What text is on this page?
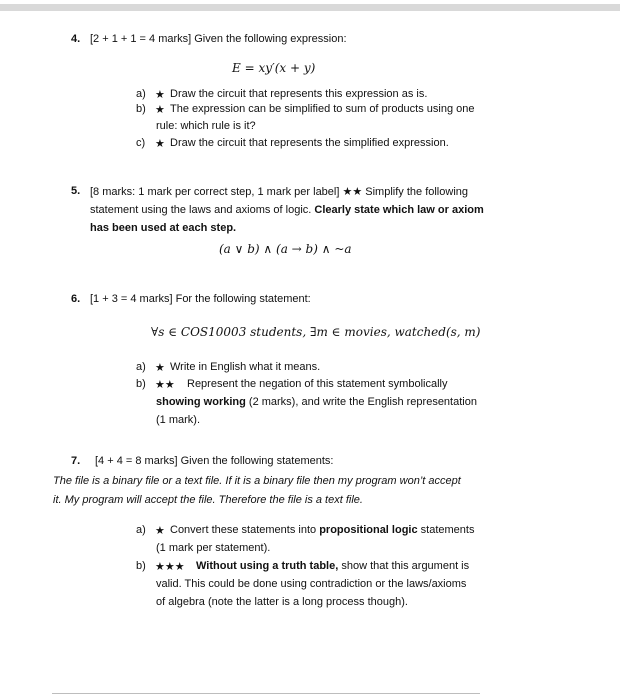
4. [2 + 1 + 1 = 4 marks] Given the following expression:
E = xy′(x + y)
a) ★ Draw the circuit that represents this expression as is.
b) ★ The expression can be simplified to sum of products using one
rule: which rule is it?
c) ★ Draw the circuit that represents the simplified expression.
5. [8 marks: 1 mark per correct step, 1 mark per label] ★★ Simplify the following
statement using the laws and axioms of logic. Clearly state which law or axiom
has been used at each step.
(a ∨ b) ∧ (a → b) ∧ ~a
6. [1 + 3 = 4 marks] For the following statement:
∀s ∈ COS10003 students, ∃m ∈ movies, watched(s, m)
a) ★ Write in English what it means.
b) ★★ Represent the negation of this statement symbolically
showing working (2 marks), and write the English representation
(1 mark).
7. [4 + 4 = 8 marks] Given the following statements:
The file is a binary file or a text file. If it is a binary file then my program won’t accept
it. My program will accept the file. Therefore the file is a text file.
a) ★ Convert these statements into propositional logic statements
(1 mark per statement).
b) ★★★ Without using a truth table, show that this argument is
valid. This could be done using contradiction or the laws/axioms
of algebra (note the latter is a long process though).
